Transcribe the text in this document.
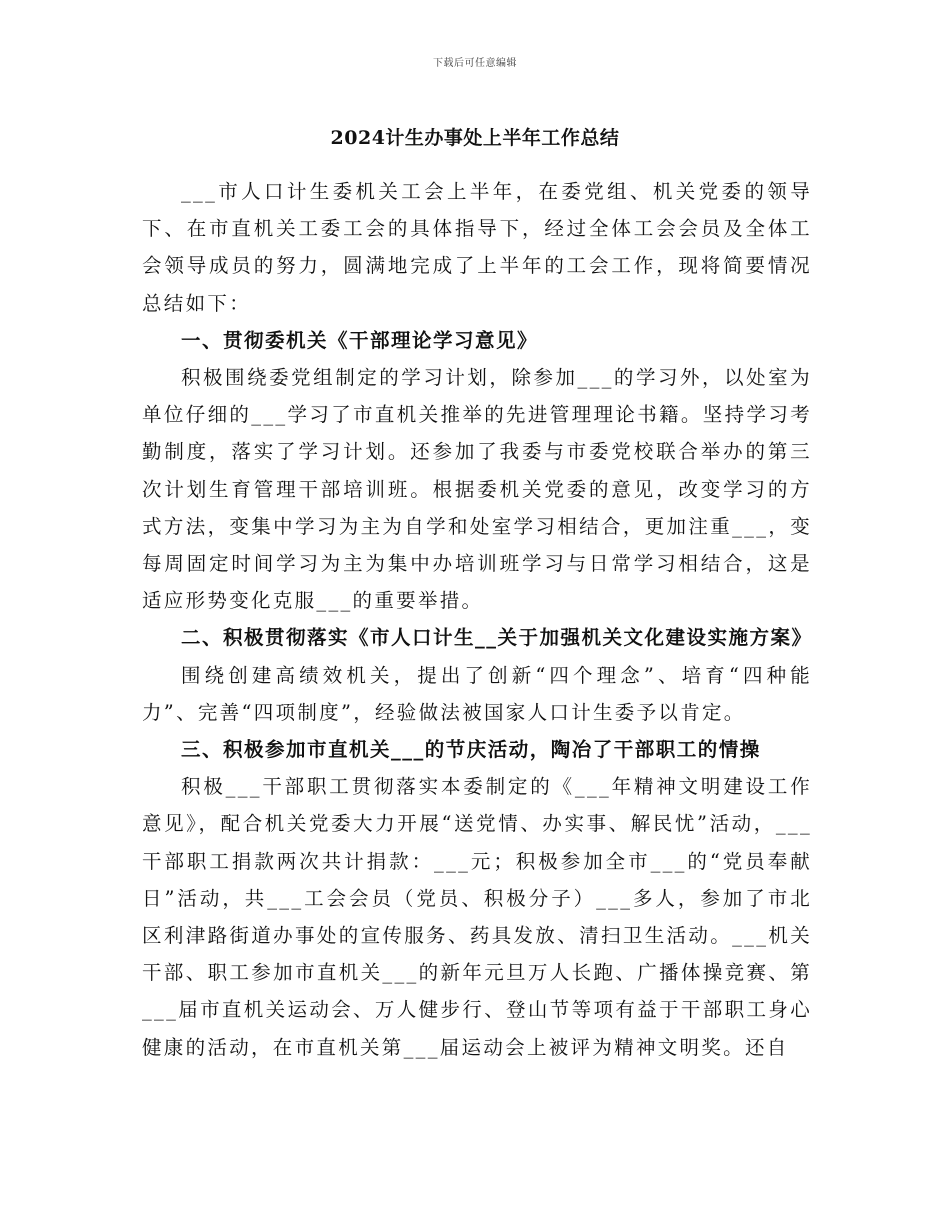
下载后可任意编辑
2024计生办事处上半年工作总结

___市人口计生委机关工会上半年，在委党组、机关党委的领导下、在市直机关工委工会的具体指导下，经过全体工会会员及全体工会领导成员的努力，圆满地完成了上半年的工会工作，现将简要情况总结如下：

一、贯彻委机关《干部理论学习意见》

积极围绕委党组制定的学习计划，除参加___的学习外，以处室为单位仔细的___学习了市直机关推举的先进管理理论书籍。坚持学习考勤制度，落实了学习计划。还参加了我委与市委党校联合举办的第三次计划生育管理干部培训班。根据委机关党委的意见，改变学习的方式方法，变集中学习为主为自学和处室学习相结合，更加注重___，变每周固定时间学习为主为集中办培训班学习与日常学习相结合，这是适应形势变化克服___的重要举措。

二、积极贯彻落实《市人口计生__关于加强机关文化建设实施方案》

围绕创建高绩效机关，提出了创新“四个理念”、培育“四种能力”、完善“四项制度”，经验做法被国家人口计生委予以肯定。

三、积极参加市直机关___的节庆活动，陶冶了干部职工的情操

积极___干部职工贯彻落实本委制定的《___年精神文明建设工作意见》，配合机关党委大力开展“送党情、办实事、解民忧”活动，___干部职工捐款两次共计捐款：___元；积极参加全市___的“党员奉献日”活动，共___工会会员（党员、积极分子）___多人，参加了市北区利津路街道办事处的宣传服务、药具发放、清扫卫生活动。___机关干部、职工参加市直机关___的新年元旦万人长跑、广播体操竞赛、第___届市直机关运动会、万人健步行、登山节等项有益于干部职工身心健康的活动，在市直机关第___届运动会上被评为精神文明奖。还自
